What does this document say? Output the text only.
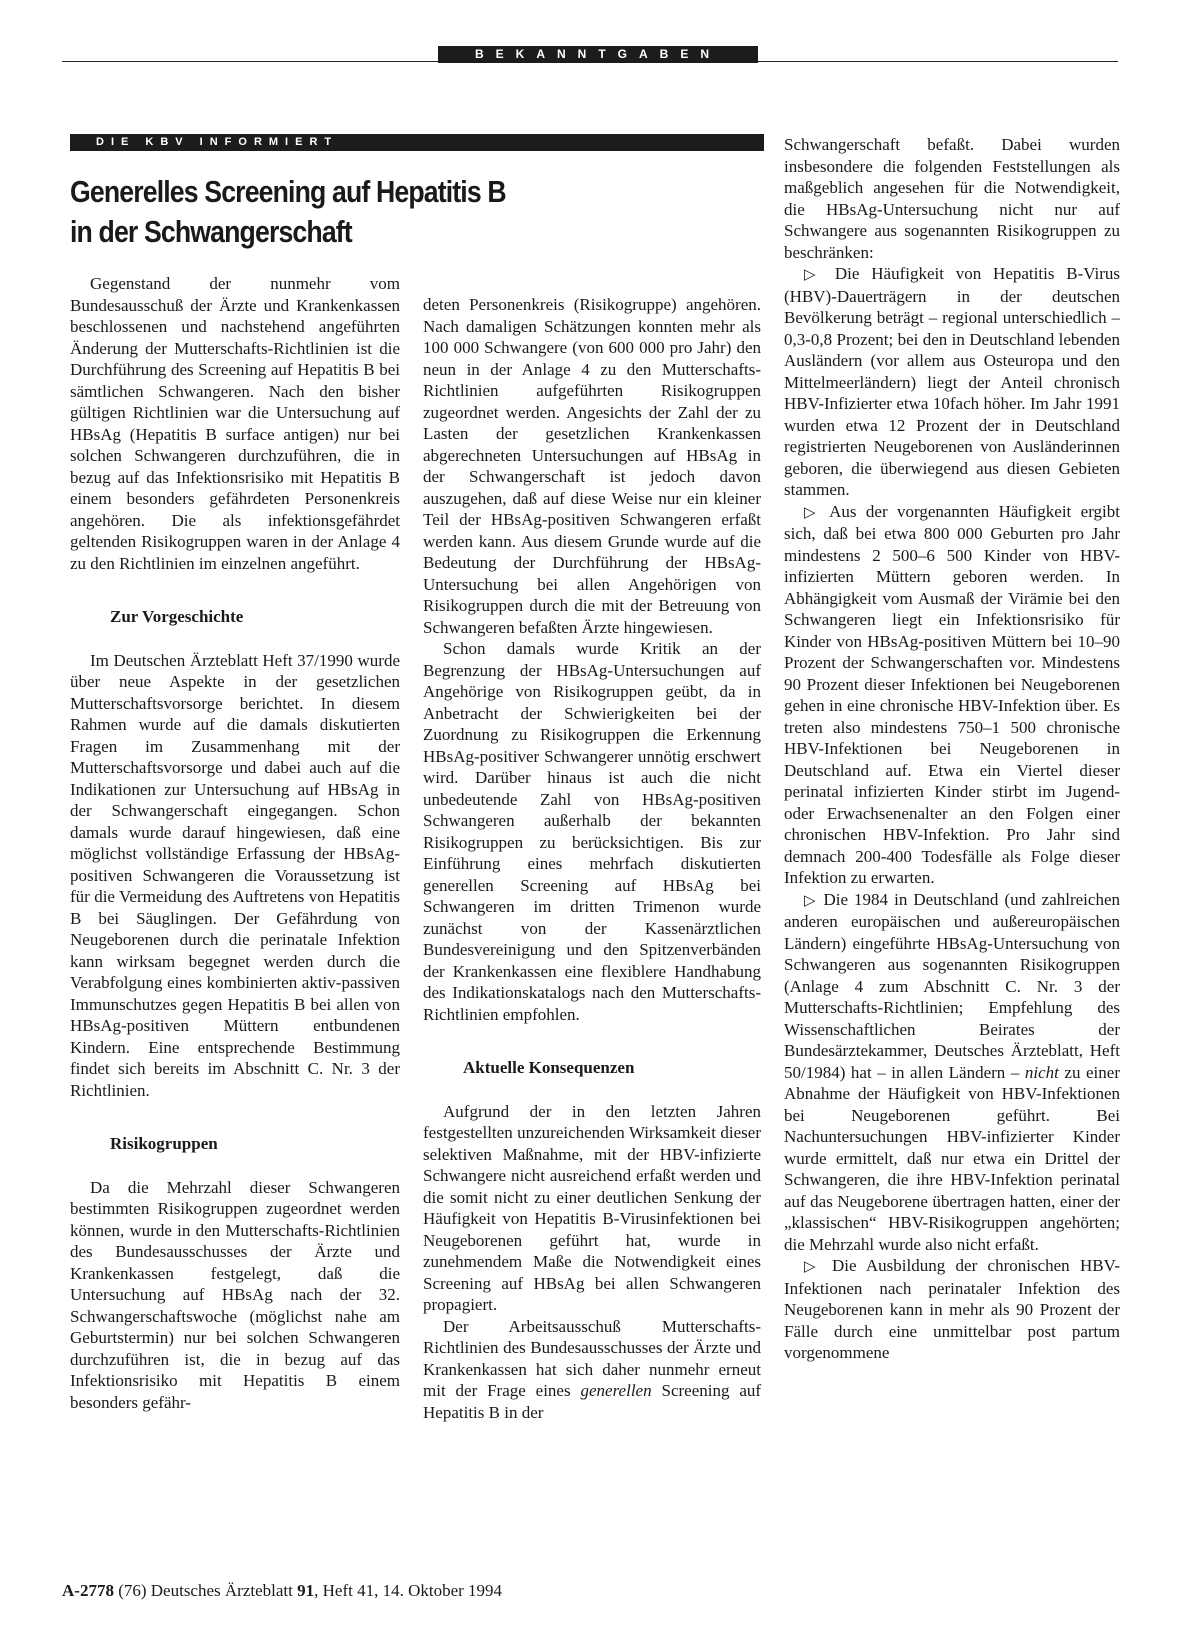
BEKANNTGABEN
DIE KBV INFORMIERT
Generelles Screening auf Hepatitis B
in der Schwangerschaft

Gegenstand der nunmehr vom Bundesausschuß der Ärzte und Krankenkassen beschlossenen und nachstehend angeführten Änderung der Mutterschafts-Richtlinien ist die Durchführung des Screening auf Hepatitis B bei sämtlichen Schwangeren. Nach den bisher gültigen Richtlinien war die Untersuchung auf HBsAg (Hepatitis B surface antigen) nur bei solchen Schwangeren durchzuführen, die in bezug auf das Infektionsrisiko mit Hepatitis B einem besonders gefährdeten Personenkreis angehören. Die als infektionsgefährdet geltenden Risikogruppen waren in der Anlage 4 zu den Richtlinien im einzelnen angeführt.

Zur Vorgeschichte

Im Deutschen Ärzteblatt Heft 37/1990 wurde über neue Aspekte in der gesetzlichen Mutterschaftsvorsorge berichtet. In diesem Rahmen wurde auf die damals diskutierten Fragen im Zusammenhang mit der Mutterschaftsvorsorge und dabei auch auf die Indikationen zur Untersuchung auf HBsAg in der Schwangerschaft eingegangen. Schon damals wurde darauf hingewiesen, daß eine möglichst vollständige Erfassung der HBsAg-positiven Schwangeren die Voraussetzung ist für die Vermeidung des Auftretens von Hepatitis B bei Säuglingen. Der Gefährdung von Neugeborenen durch die perinatale Infektion kann wirksam begegnet werden durch die Verabfolgung eines kombinierten aktiv-passiven Immunschutzes gegen Hepatitis B bei allen von HBsAg-positiven Müttern entbundenen Kindern. Eine entsprechende Bestimmung findet sich bereits im Abschnitt C. Nr. 3 der Richtlinien.

Risikogruppen

Da die Mehrzahl dieser Schwangeren bestimmten Risikogruppen zugeordnet werden können, wurde in den Mutterschafts-Richtlinien des Bundesausschusses der Ärzte und Krankenkassen festgelegt, daß die Untersuchung auf HBsAg nach der 32. Schwangerschaftswoche (möglichst nahe am Geburtstermin) nur bei solchen Schwangeren durchzuführen ist, die in bezug auf das Infektionsrisiko mit Hepatitis B einem besonders gefähr-

deten Personenkreis (Risikogruppe) angehören. Nach damaligen Schätzungen konnten mehr als 100 000 Schwangere (von 600 000 pro Jahr) den neun in der Anlage 4 zu den Mutterschafts-Richtlinien aufgeführten Risikogruppen zugeordnet werden. Angesichts der Zahl der zu Lasten der gesetzlichen Krankenkassen abgerechneten Untersuchungen auf HBsAg in der Schwangerschaft ist jedoch davon auszugehen, daß auf diese Weise nur ein kleiner Teil der HBsAg-positiven Schwangeren erfaßt werden kann. Aus diesem Grunde wurde auf die Bedeutung der Durchführung der HBsAg-Untersuchung bei allen Angehörigen von Risikogruppen durch die mit der Betreuung von Schwangeren befaßten Ärzte hingewiesen.

Schon damals wurde Kritik an der Begrenzung der HBsAg-Untersuchungen auf Angehörige von Risikogruppen geübt, da in Anbetracht der Schwierigkeiten bei der Zuordnung zu Risikogruppen die Erkennung HBsAg-positiver Schwangerer unnötig erschwert wird. Darüber hinaus ist auch die nicht unbedeutende Zahl von HBsAg-positiven Schwangeren außerhalb der bekannten Risikogruppen zu berücksichtigen. Bis zur Einführung eines mehrfach diskutierten generellen Screening auf HBsAg bei Schwangeren im dritten Trimenon wurde zunächst von der Kassenärztlichen Bundesvereinigung und den Spitzenverbänden der Krankenkassen eine flexiblere Handhabung des Indikationskatalogs nach den Mutterschafts-Richtlinien empfohlen.

Aktuelle Konsequenzen

Aufgrund der in den letzten Jahren festgestellten unzureichenden Wirksamkeit dieser selektiven Maßnahme, mit der HBV-infizierte Schwangere nicht ausreichend erfaßt werden und die somit nicht zu einer deutlichen Senkung der Häufigkeit von Hepatitis B-Virusinfektionen bei Neugeborenen geführt hat, wurde in zunehmendem Maße die Notwendigkeit eines Screening auf HBsAg bei allen Schwangeren propagiert.

Der Arbeitsausschuß Mutterschafts-Richtlinien des Bundesausschusses der Ärzte und Krankenkassen hat sich daher nunmehr erneut mit der Frage eines generellen Screening auf Hepatitis B in der

Schwangerschaft befaßt. Dabei wurden insbesondere die folgenden Feststellungen als maßgeblich angesehen für die Notwendigkeit, die HBsAg-Untersuchung nicht nur auf Schwangere aus sogenannten Risikogruppen zu beschränken:

▷ Die Häufigkeit von Hepatitis B-Virus (HBV)-Dauerträgern in der deutschen Bevölkerung beträgt – regional unterschiedlich – 0,3-0,8 Prozent; bei den in Deutschland lebenden Ausländern (vor allem aus Osteuropa und den Mittelmeerländern) liegt der Anteil chronisch HBV-Infizierter etwa 10fach höher. Im Jahr 1991 wurden etwa 12 Prozent der in Deutschland registrierten Neugeborenen von Ausländerinnen geboren, die überwiegend aus diesen Gebieten stammen.

▷ Aus der vorgenannten Häufigkeit ergibt sich, daß bei etwa 800 000 Geburten pro Jahr mindestens 2 500–6 500 Kinder von HBV-infizierten Müttern geboren werden. In Abhängigkeit vom Ausmaß der Virämie bei den Schwangeren liegt ein Infektionsrisiko für Kinder von HBsAg-positiven Müttern bei 10–90 Prozent der Schwangerschaften vor. Mindestens 90 Prozent dieser Infektionen bei Neugeborenen gehen in eine chronische HBV-Infektion über. Es treten also mindestens 750–1 500 chronische HBV-Infektionen bei Neugeborenen in Deutschland auf. Etwa ein Viertel dieser perinatal infizierten Kinder stirbt im Jugend- oder Erwachsenenalter an den Folgen einer chronischen HBV-Infektion. Pro Jahr sind demnach 200-400 Todesfälle als Folge dieser Infektion zu erwarten.

▷ Die 1984 in Deutschland (und zahlreichen anderen europäischen und außereuropäischen Ländern) eingeführte HBsAg-Untersuchung von Schwangeren aus sogenannten Risikogruppen (Anlage 4 zum Abschnitt C. Nr. 3 der Mutterschafts-Richtlinien; Empfehlung des Wissenschaftlichen Beirates der Bundesärztekammer, Deutsches Ärzteblatt, Heft 50/1984) hat – in allen Ländern – nicht zu einer Abnahme der Häufigkeit von HBV-Infektionen bei Neugeborenen geführt. Bei Nachuntersuchungen HBV-infizierter Kinder wurde ermittelt, daß nur etwa ein Drittel der Schwangeren, die ihre HBV-Infektion perinatal auf das Neugeborene übertragen hatten, einer der „klassischen“ HBV-Risikogruppen angehörten; die Mehrzahl wurde also nicht erfaßt.

▷ Die Ausbildung der chronischen HBV-Infektionen nach perinataler Infektion des Neugeborenen kann in mehr als 90 Prozent der Fälle durch eine unmittelbar post partum vorgenommene

A-2778 (76) Deutsches Ärzteblatt 91, Heft 41, 14. Oktober 1994
